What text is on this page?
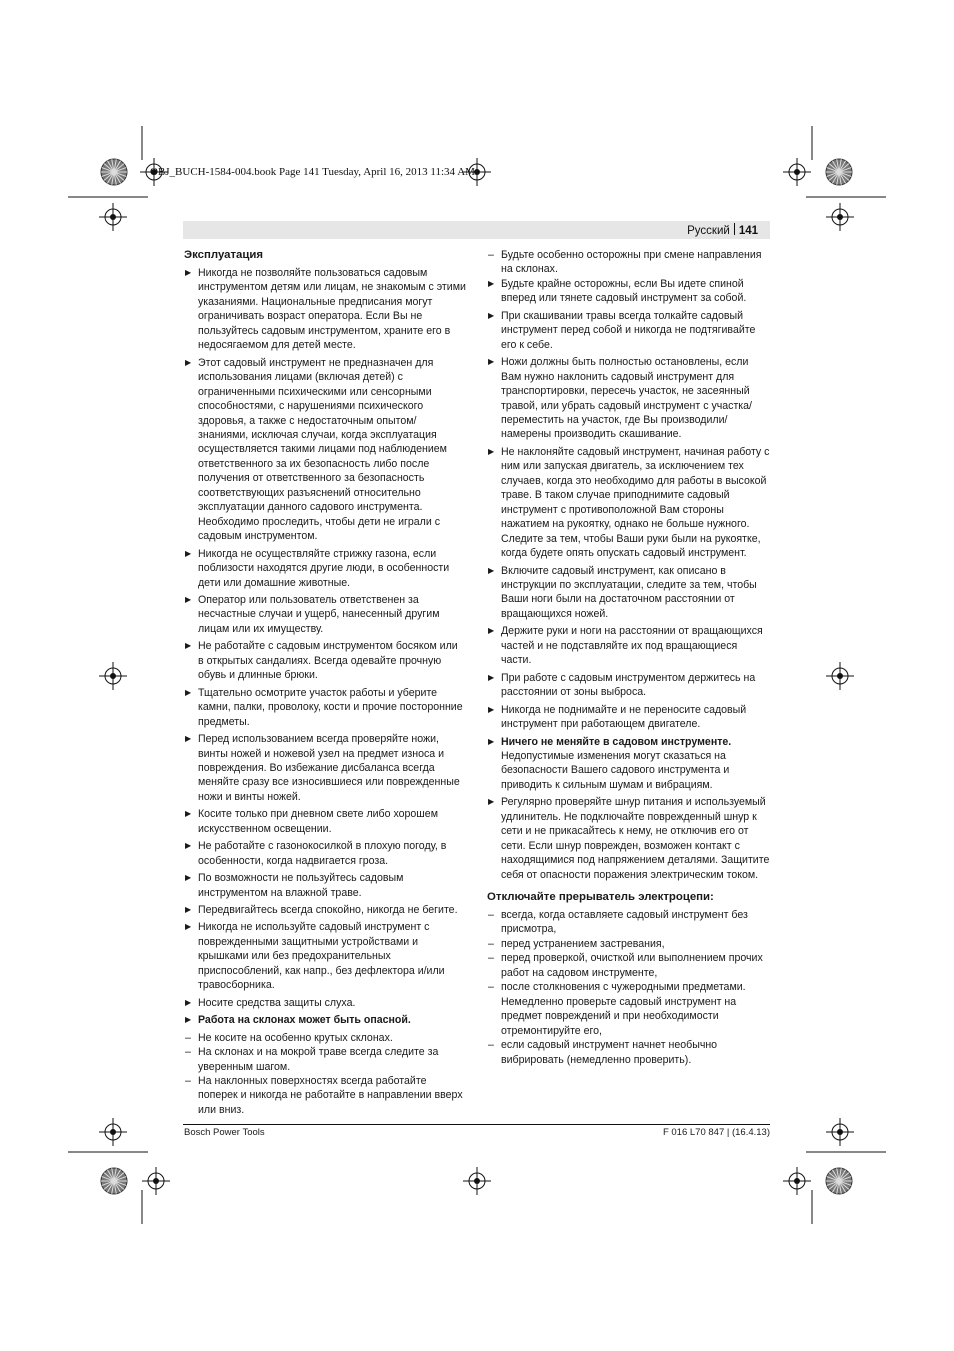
OBJ_BUCH-1584-004.book Page 141 Tuesday, April 16, 2013 11:34 AM
Русский 141
Эксплуатация
▶ Никогда не позволяйте пользоваться садовым инструментом детям или лицам, не знакомым с этими указаниями. Национальные предписания могут ограничивать возраст оператора. Если Вы не пользуйтесь садовым инструментом, храните его в недосягаемом для детей месте.
▶ Этот садовый инструмент не предназначен для использования лицами (включая детей) с ограниченными психическими или сенсорными способностями, с нарушениями психического здоровья, а также с недостаточным опытом/знаниями, исключая случаи, когда эксплуатация осуществляется такими лицами под наблюдением ответственного за их безопасность либо после получения от ответственного за безопасность соответствующих разъяснений относительно эксплуатации данного садового инструмента.
Необходимо проследить, чтобы дети не играли с садовым инструментом.
▶ Никогда не осуществляйте стрижку газона, если поблизости находятся другие люди, в особенности дети или домашние животные.
▶ Оператор или пользователь ответственен за несчастные случаи и ущерб, нанесенный другим лицам или их имуществу.
▶ Не работайте с садовым инструментом босяком или в открытых сандалиях. Всегда одевайте прочную обувь и длинные брюки.
▶ Тщательно осмотрите участок работы и уберите камни, палки, проволоку, кости и прочие посторонние предметы.
▶ Перед использованием всегда проверяйте ножи, винты ножей и ножевой узел на предмет износа и повреждения. Во избежание дисбаланса всегда меняйте сразу все износившиеся или поврежденные ножи и винты ножей.
▶ Косите только при дневном свете либо хорошем искусственном освещении.
▶ Не работайте с газонокосилкой в плохую погоду, в особенности, когда надвигается гроза.
▶ По возможности не пользуйтесь садовым инструментом на влажной траве.
▶ Передвигайтесь всегда спокойно, никогда не бегите.
▶ Никогда не используйте садовый инструмент с поврежденными защитными устройствами и крышками или без предохранительных приспособлений, как напр., без дефлектора и/или травосборника.
▶ Носите средства защиты слуха.
▶ Работа на склонах может быть опасной.
– Не косите на особенно крутых склонах.
– На склонах и на мокрой траве всегда следите за уверенным шагом.
– На наклонных поверхностях всегда работайте поперек и никогда не работайте в направлении вверх или вниз.
– Будьте особенно осторожны при смене направления на склонах.
▶ Будьте крайне осторожны, если Вы идете спиной вперед или тянете садовый инструмент за собой.
▶ При скашивании травы всегда толкайте садовый инструмент перед собой и никогда не подтягивайте его к себе.
▶ Ножи должны быть полностью остановлены, если Вам нужно наклонить садовый инструмент для транспортировки, пересечь участок, не засеянный травой, или убрать садовый инструмент с участка/переместить на участок, где Вы производили/намерены производить скашивание.
▶ Не наклоняйте садовый инструмент, начиная работу с ним или запуская двигатель, за исключением тех случаев, когда это необходимо для работы в высокой траве. В таком случае приподнимите садовый инструмент с противоположной Вам стороны нажатием на рукоятку, однако не больше нужного. Следите за тем, чтобы Ваши руки были на рукоятке, когда будете опять опускать садовый инструмент.
▶ Включите садовый инструмент, как описано в инструкции по эксплуатации, следите за тем, чтобы Ваши ноги были на достаточном расстоянии от вращающихся ножей.
▶ Держите руки и ноги на расстоянии от вращающихся частей и не подставляйте их под вращающиеся части.
▶ При работе с садовым инструментом держитесь на расстоянии от зоны выброса.
▶ Никогда не поднимайте и не переносите садовый инструмент при работающем двигателе.
▶ Ничего не меняйте в садовом инструменте.
Недопустимые изменения могут сказаться на безопасности Вашего садового инструмента и приводить к сильным шумам и вибрациям.
▶ Регулярно проверяйте шнур питания и используемый удлинитель. Не подключайте поврежденный шнур к сети и не прикасайтесь к нему, не отключив его от сети. Если шнур поврежден, возможен контакт с находящимися под напряжением деталями. Защитите себя от опасности поражения электрическим током.
Отключайте прерыватель электроцепи:
– всегда, когда оставляете садовый инструмент без присмотра,
– перед устранением застревания,
– перед проверкой, очисткой или выполнением прочих работ на садовом инструменте,
– после столкновения с чужеродными предметами. Немедленно проверьте садовый инструмент на предмет повреждений и при необходимости отремонтируйте его,
– если садовый инструмент начнет необычно вибрировать (немедленно проверить).
Bosch Power Tools	F 016 L70 847 | (16.4.13)
